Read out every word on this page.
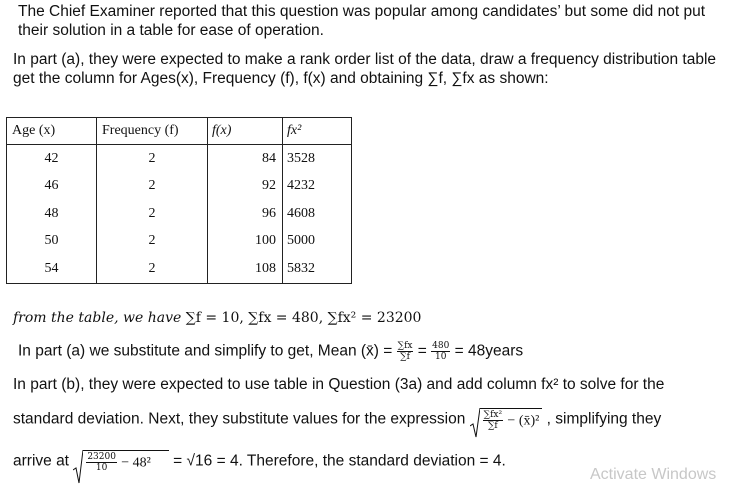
The Chief Examiner reported that this question was popular among candidates’ but some did not put their solution in a table for ease of operation.

In part (a), they were expected to make a rank order list of the data, draw a frequency distribution table get the column for Ages(x), Frequency (f), f(x) and obtaining ∑f, ∑fx as shown:

Age (x)	Frequency (f)	f(x)	fx²
42	2	84	3528
46	2	92	4232
48	2	96	4608
50	2	100	5000
54	2	108	5832
from the table, we have ∑f = 10, ∑fx = 480, ∑fx² = 23200
In part (a) we substitute and simplify to get, Mean (x̄) = $\frac{\sum fx}{\sum f} = \frac{480}{10}$ = 48years
In part (b), they were expected to use table in Question (3a) and add column fx² to solve for the
standard deviation. Next, they substitute values for the expression $\frac{\text{∑fx²}}{\sum f}$ − (x̄)² , simplifying they
arrive at $\frac{23200}{10} - 48^2 = √16 = 4$. Therefore, the standard deviation = 4.
Activate Windows
